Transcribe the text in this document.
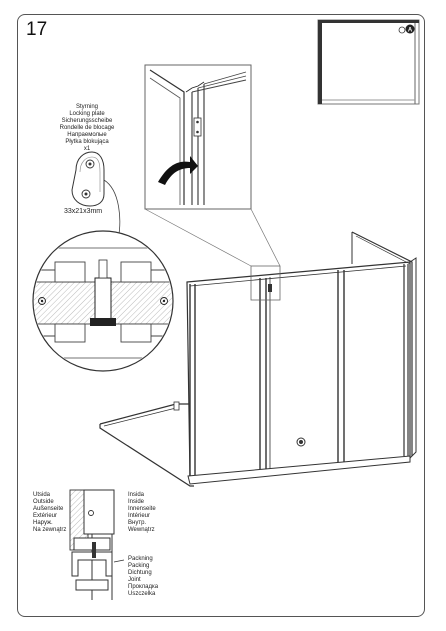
17
Styrning
Locking plate
Sicherungsscheibe
Rondelle de blocage
Напраемолые
Płytka blokująca
x1
33x21x3mm
Utsida
Outside
Außenseite
Extérieur
Наруж.
Na zewnątrz
Insida
Inside
Innenseite
Intérieur
Внутр.
Wewnątrz
Packning
Packing
Dichtung
Joint
Прокладка
Uszczelka
A
